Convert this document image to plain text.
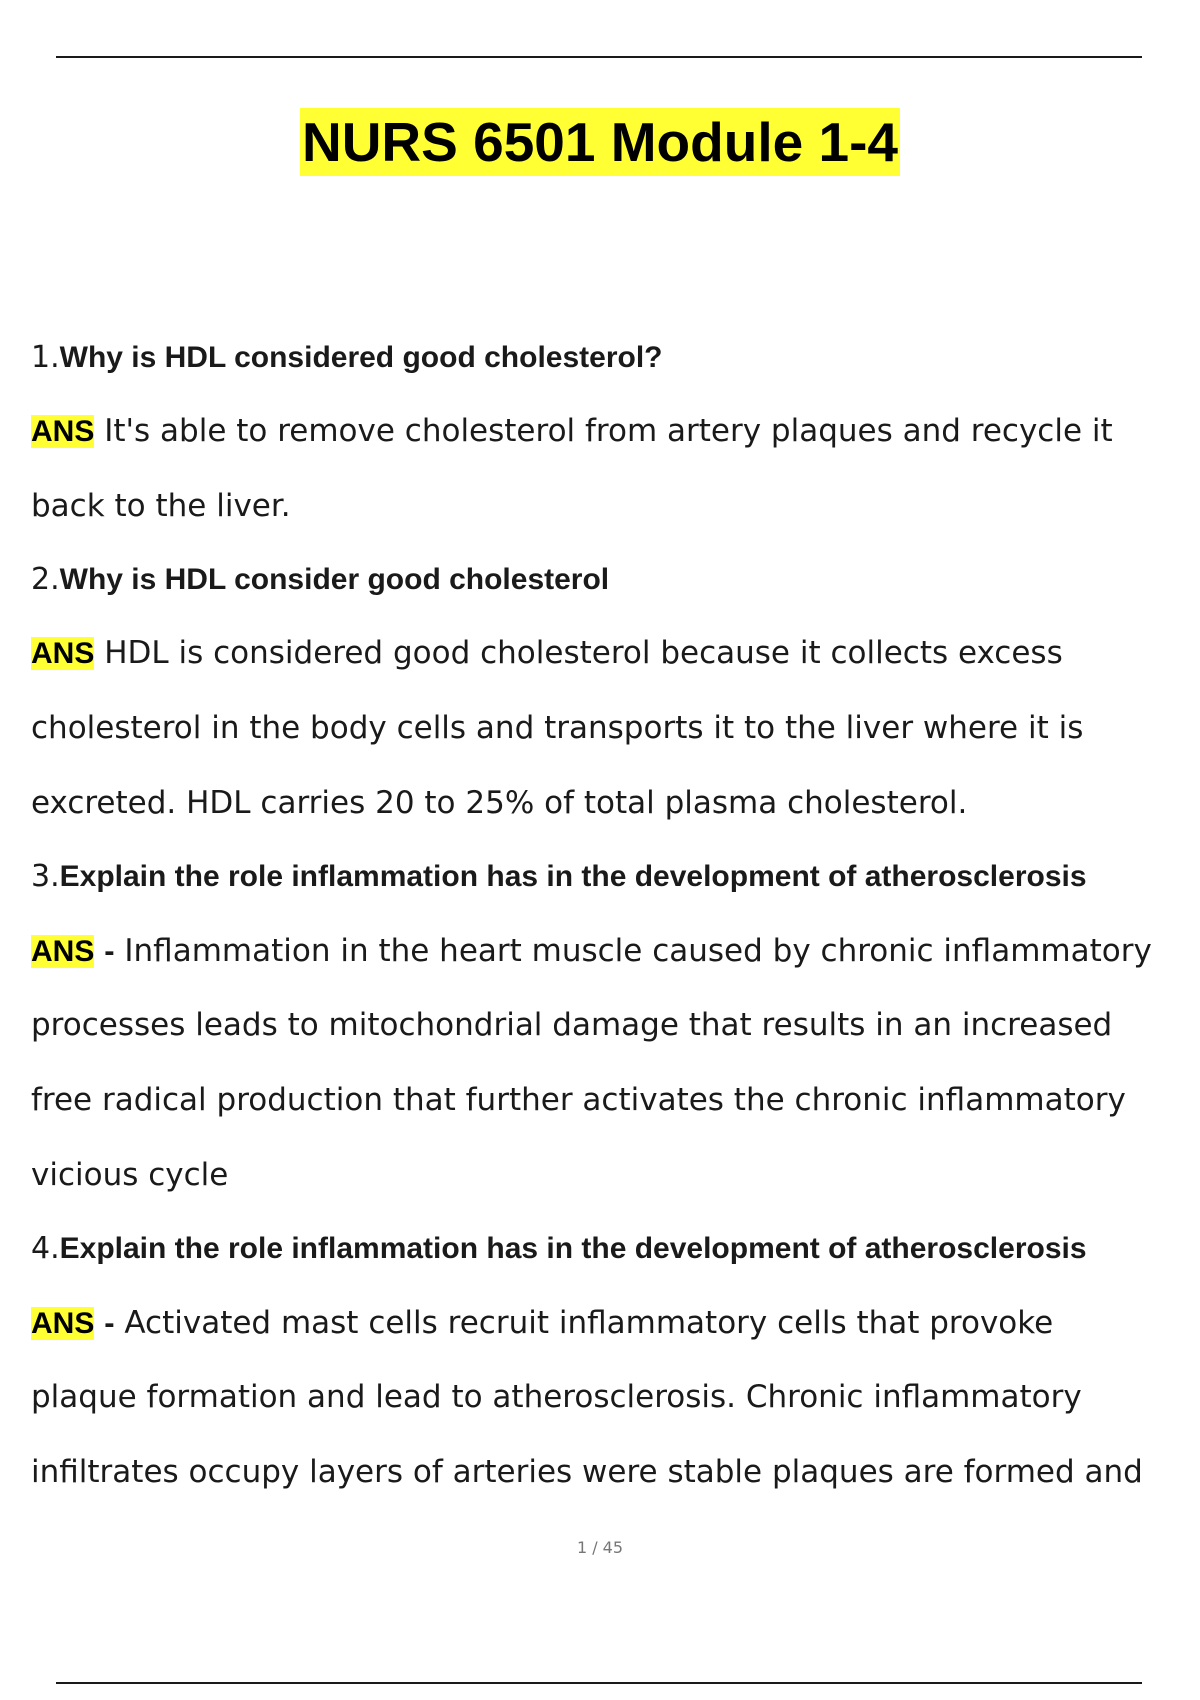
NURS 6501 Module 1-4
1.Why is HDL considered good cholesterol?
ANS It's able to remove cholesterol from artery plaques and recycle it
back to the liver.
2.Why is HDL consider good cholesterol
ANS HDL is considered good cholesterol because it collects excess
cholesterol in the body cells and transports it to the liver where it is
excreted. HDL carries 20 to 25% of total plasma cholesterol.
3.Explain the role inflammation has in the development of atherosclerosis
ANS - Inflammation in the heart muscle caused by chronic inflammatory
processes leads to mitochondrial damage that results in an increased
free radical production that further activates the chronic inflammatory
vicious cycle
4.Explain the role inflammation has in the development of atherosclerosis
ANS - Activated mast cells recruit inflammatory cells that provoke
plaque formation and lead to atherosclerosis. Chronic inflammatory
infiltrates occupy layers of arteries were stable plaques are formed and
1 / 45
